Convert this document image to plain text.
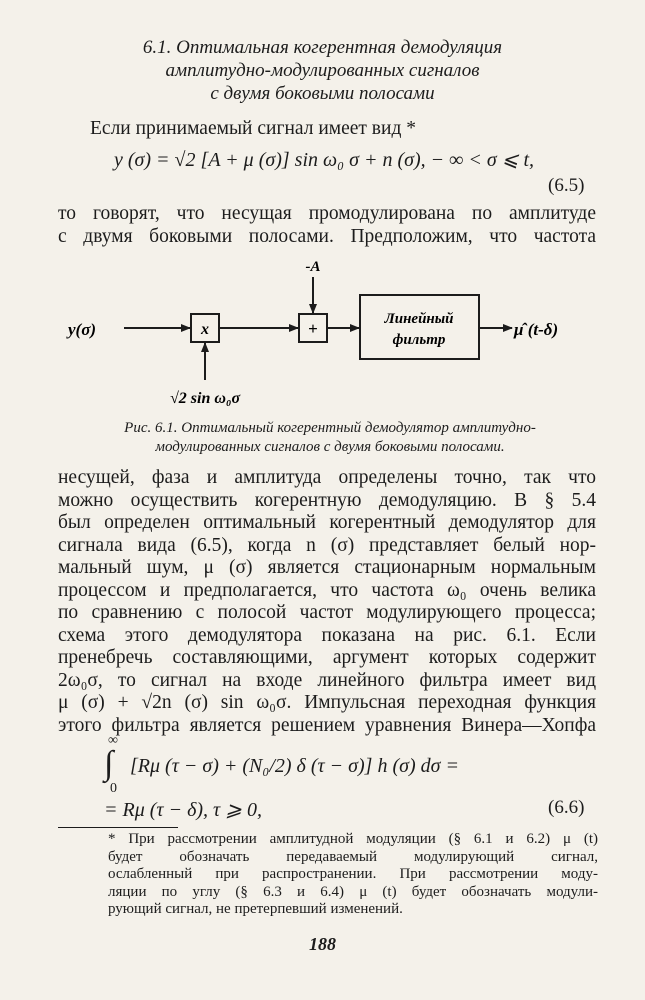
6.1. Оптимальная когерентная демодуляция
амплитудно-модулированных сигналов
с двумя боковыми полосами
Если принимаемый сигнал имеет вид *
y (σ) = √2 [A + μ (σ)] sin ω₀ σ + n (σ), − ∞ < σ ⩽ t,
(6.5)
то говорят, что несущая промодулирована по амплитуде
с двумя боковыми полосами. Предположим, что частота
y(σ)	x
√2 sin ω₀σ
+
-A
Линейный
фильтр
μ̂ (t-δ)
Рис. 6.1. Оптимальный когерентный демодулятор амплитудно-
модулированных сигналов с двумя боковыми полосами.
несущей, фаза и амплитуда определены точно, так что
можно осуществить когерентную демодуляцию. В § 5.4
был определен оптимальный когерентный демодулятор для
сигнала вида (6.5), когда n (σ) представляет белый нор-
мальный шум, μ (σ) является стационарным нормальным
процессом и предполагается, что частота ω₀ очень велика
по сравнению с полосой частот модулирующего процесса;
схема этого демодулятора показана на рис. 6.1. Если
пренебречь составляющими, аргумент которых содержит
2ω₀σ, то сигнал на входе линейного фильтра имеет вид
μ (σ) + √2n (σ) sin ω₀σ. Импульсная переходная функция
этого фильтра является решением уравнения Винера—Хопфа
∞
∫
0
[Rμ (τ − σ) + (N₀/2) δ (τ − σ)] h (σ) dσ =
= Rμ (τ − δ), τ ⩾ 0,	(6.6)
* При рассмотрении амплитудной модуляции (§ 6.1 и 6.2) μ (t)
будет обозначать передаваемый модулирующий сигнал,
ослабленный при распространении. При рассмотрении моду-
ляции по углу (§ 6.3 и 6.4) μ (t) будет обозначать модули-
рующий сигнал, не претерпевший изменений.
188
